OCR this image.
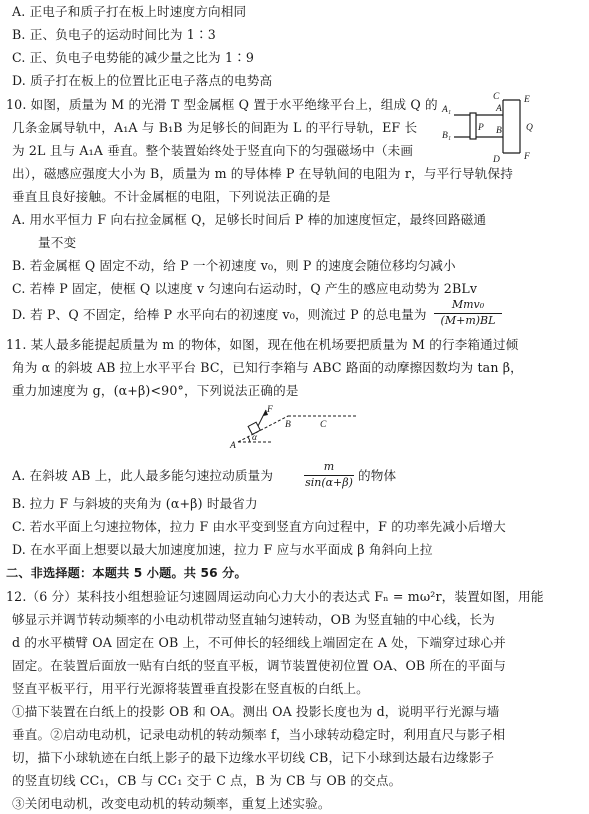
A. 正电子和质子打在板上时速度方向相同
B. 正、负电子的运动时间比为 1∶3
C. 正、负电子电势能的减少量之比为 1∶9
D. 质子打在板上的位置比正电子落点的电势高
10. 如图，质量为 M 的光滑 T 型金属框 Q 置于水平绝缘平台上，组成 Q 的
几条金属导轨中，A₁A 与 B₁B 为足够长的间距为 L 的平行导轨，EF 长
为 2L 且与 A₁A 垂直。整个装置始终处于竖直向下的匀强磁场中（未画
出），磁感应强度大小为 B，质量为 m 的导体棒 P 在导轨间的电阻为 r，与平行导轨保持
垂直且良好接触。不计金属框的电阻，下列说法正确的是
A₁
B₁
A
B
C
D
E
F
P	Q
A. 用水平恒力 F 向右拉金属框 Q，足够长时间后 P 棒的加速度恒定，最终回路磁通
量不变
B. 若金属框 Q 固定不动，给 P 一个初速度 v₀，则 P 的速度会随位移均匀减小
C. 若棒 P 固定，使框 Q 以速度 v 匀速向右运动时，Q 产生的感应电动势为 2BLv
D. 若 P、Q 不固定，给棒 P 水平向右的初速度 v₀，则流过 P 的总电量为
Mmv₀
(M+m)BL
11. 某人最多能提起质量为 m 的物体，如图，现在他在机场要把质量为 M 的行李箱通过倾
角为 α 的斜坡 AB 拉上水平平台 BC，已知行李箱与 ABC 路面的动摩擦因数均为 tan β，
重力加速度为 g，(α+β)<90°，下列说法正确的是
F
B	C
A
α
A. 在斜坡 AB 上，此人最多能匀速拉动质量为
m
sin(α+β) 的物体
B. 拉力 F 与斜坡的夹角为 (α+β) 时最省力
C. 若水平面上匀速拉物体，拉力 F 由水平变到竖直方向过程中，F 的功率先减小后增大
D. 在水平面上想要以最大加速度加速，拉力 F 应与水平面成 β 角斜向上拉
二、非选择题：本题共 5 小题。共 56 分。
12.（6 分）某科技小组想验证匀速圆周运动向心力大小的表达式 Fₙ = mω²r，装置如图，用能
够显示并调节转动频率的小电动机带动竖直轴匀速转动，OB 为竖直轴的中心线，长为
d 的水平横臂 OA 固定在 OB 上，不可伸长的轻细线上端固定在 A 处，下端穿过球心并
固定。在装置后面放一贴有白纸的竖直平板，调节装置使初位置 OA、OB 所在的平面与
竖直平板平行，用平行光源将装置垂直投影在竖直板的白纸上。
①描下装置在白纸上的投影 OB 和 OA。测出 OA 投影长度也为 d，说明平行光源与墙
垂直。②启动电动机，记录电动机的转动频率 f，当小球转动稳定时，利用直尺与影子相
切，描下小球轨迹在白纸上影子的最下边缘水平切线 CB，记下小球到达最右边缘影子
的竖直切线 CC₁，CB 与 CC₁ 交于 C 点，B 为 CB 与 OB 的交点。
③关闭电动机，改变电动机的转动频率，重复上述实验。
